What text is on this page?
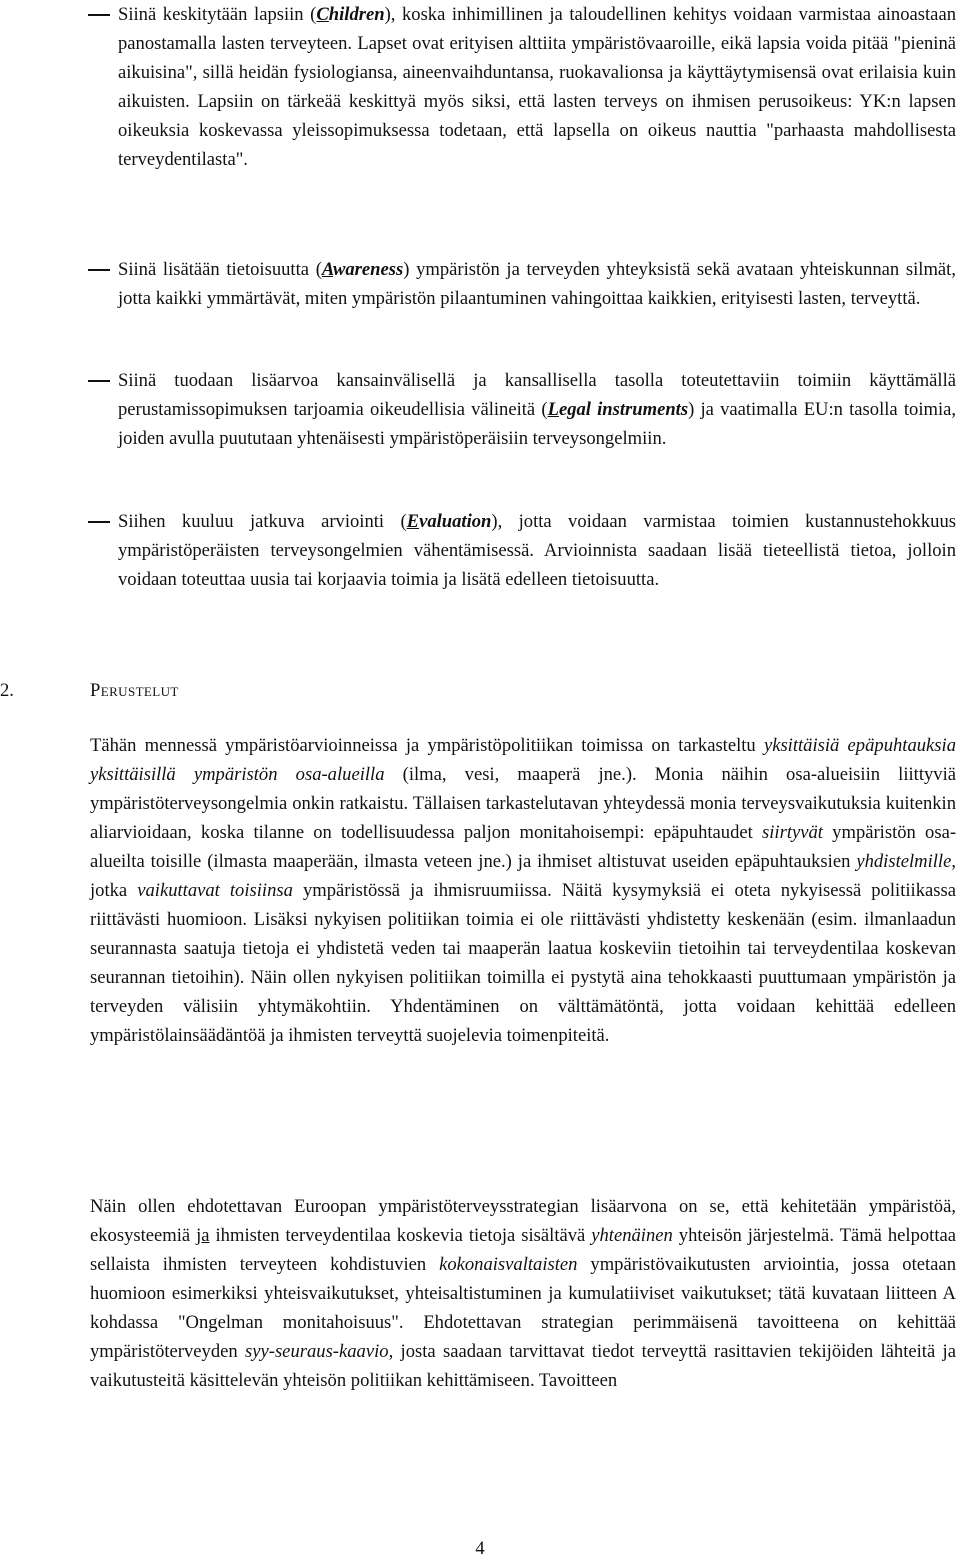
Siinä keskitytään lapsiin (Children), koska inhimillinen ja taloudellinen kehitys voidaan varmistaa ainoastaan panostamalla lasten terveyteen. Lapset ovat erityisen alttiita ympäristövaaroille, eikä lapsia voida pitää "pieninä aikuisina", sillä heidän fysiologiansa, aineenvaihduntansa, ruokavalionsa ja käyttäytymisensä ovat erilaisia kuin aikuisten. Lapsiin on tärkeää keskittyä myös siksi, että lasten terveys on ihmisen perusoikeus: YK:n lapsen oikeuksia koskevassa yleissopimuksessa todetaan, että lapsella on oikeus nauttia "parhaasta mahdollisesta terveydentilasta".
Siinä lisätään tietoisuutta (Awareness) ympäristön ja terveyden yhteyksistä sekä avataan yhteiskunnan silmät, jotta kaikki ymmärtävät, miten ympäristön pilaantuminen vahingoittaa kaikkien, erityisesti lasten, terveyttä.
Siinä tuodaan lisäarvoa kansainvälisellä ja kansallisella tasolla toteutettaviin toimiin käyttämällä perustamissopimuksen tarjoamia oikeudellisia välineitä (Legal instruments) ja vaatimalla EU:n tasolla toimia, joiden avulla puututaan yhtenäisesti ympäristöperäisiin terveysongelmiin.
Siihen kuuluu jatkuva arviointi (Evaluation), jotta voidaan varmistaa toimien kustannustehokkuus ympäristöperäisten terveysongelmien vähentämisessä. Arvioinnista saadaan lisää tieteellistä tietoa, jolloin voidaan toteuttaa uusia tai korjaavia toimia ja lisätä edelleen tietoisuutta.
2.	Perustelut
Tähän mennessä ympäristöarvioinneissa ja ympäristöpolitiikan toimissa on tarkasteltu yksittäisiä epäpuhtauksia yksittäisillä ympäristön osa-alueilla (ilma, vesi, maaperä jne.). Monia näihin osa-alueisiin liittyviä ympäristöterveysongelmia onkin ratkaistu. Tällaisen tarkastelutavan yhteydessä monia terveysvaikutuksia kuitenkin aliarvioidaan, koska tilanne on todellisuudessa paljon monitahoisempi: epäpuhtaudet siirtyvät ympäristön osa-alueilta toisille (ilmasta maaperään, ilmasta veteen jne.) ja ihmiset altistuvat useiden epäpuhtauksien yhdistelmille, jotka vaikuttavat toisiinsa ympäristössä ja ihmisruumiissa. Näitä kysymyksiä ei oteta nykyisessä politiikassa riittävästi huomioon. Lisäksi nykyisen politiikan toimia ei ole riittävästi yhdistetty keskenään (esim. ilmanlaadun seurannasta saatuja tietoja ei yhdistetä veden tai maaperän laatua koskeviin tietoihin tai terveydentilaa koskevan seurannan tietoihin). Näin ollen nykyisen politiikan toimilla ei pystytä aina tehokkaasti puuttumaan ympäristön ja terveyden välisiin yhtymäkohtiin. Yhdentäminen on välttämätöntä, jotta voidaan kehittää edelleen ympäristölainsäädäntöä ja ihmisten terveyttä suojelevia toimenpiteitä.
Näin ollen ehdotettavan Euroopan ympäristöterveysstrategian lisäarvona on se, että kehitetään ympäristöä, ekosysteemiä ja ihmisten terveydentilaa koskevia tietoja sisältävä yhtenäinen yhteisön järjestelmä. Tämä helpottaa sellaista ihmisten terveyteen kohdistuvien kokonaisvaltaisten ympäristövaikutusten arviointia, jossa otetaan huomioon esimerkiksi yhteisvaikutukset, yhteisaltistuminen ja kumulatiiviset vaikutukset; tätä kuvataan liitteen A kohdassa "Ongelman monitahoisuus". Ehdotettavan strategian perimmäisenä tavoitteena on kehittää ympäristöterveyden syy-seuraus-kaavio, josta saadaan tarvittavat tiedot terveyttä rasittavien tekijöiden lähteitä ja vaikutusteitä käsittelevän yhteisön politiikan kehittämiseen. Tavoitteen
4
